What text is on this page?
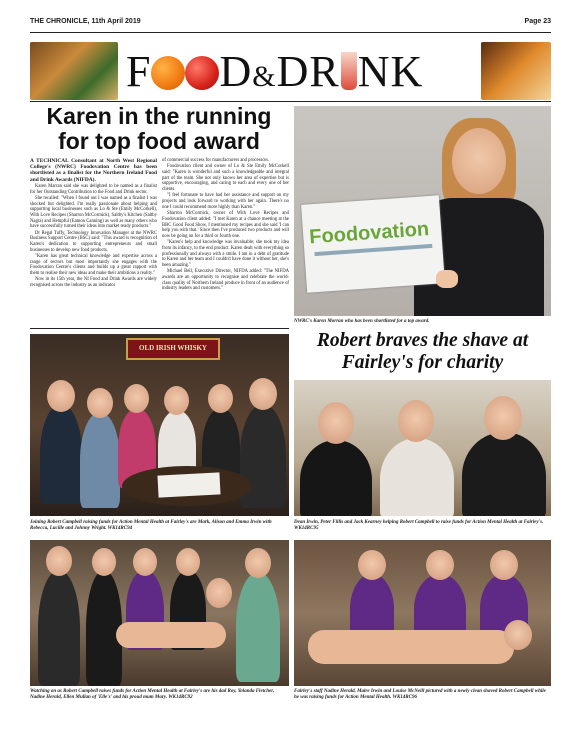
THE CHRONICLE, 11th April 2019	Page 23
F D&DR NK
Karen in the running for top food award
A TECHNICAL Consultant at North West Regional College's (NWRC) Foodovation Centre has been shortlisted as a finalist for the Northern Ireland Food and Drink Awards (NIFDA).

Karen Marran said she was delighted to be named as a finalist for her Outstanding Contribution to the Food and Drink sector.

She recalled: "When I found out I was named as a finalist I was shocked but delighted. I'm really passionate about helping and supporting local businesses such as Lo & Ste (Emily McCorkell), With Love Recipes (Sharron McCormick), Saltby's Kitchen (Saltby Nagra) and Hempful (Eamon Canning) as well as many others who have successfully turned their ideas into market ready products."

Dr Regal Tuffy, Technology Innovation Manager at the NWRC Business Support Centre (BSC) said: "This award is recognition of Karen's dedication to supporting entrepreneurs and small businesses to develop new food products.

"Karen has great technical knowledge and expertise across a range of sectors but most importantly she engages with the Foodovation Centre's clients and builds up a great rapport with them to realise their new ideas and make their ambitions a reality."

Now in its 15th year, the NI Food and Drink Awards are widely recognised across the industry as an indicator

of commercial success for manufacturers and processors.

Foodovation client and owner of Lo & Ste Emily McCorkell said: "Karen is wonderful and such a knowledgeable and integral part of the team. She not only knows her area of expertise but is supportive, encouraging, and caring to each and every one of her clients.

"I feel fortunate to have had her assistance and support on my projects and look forward to working with her again. There's no one I could recommend more highly than Karen."

Sharron McCormick, owner of With Love Recipes and Foodovation client added: "I met Karen at a chance meeting at the BBC Good Food Show, I mentioned my recipes and she said 'I can help you with that.' Since then I've produced two products and will now be going on for a third or fourth one.

"Karen's help and knowledge was invaluable; she took my idea from its infancy, to the end product. Karen dealt with everything so professionally and always with a smile. I am in a debt of gratitude to Karen and her team and I couldn't have done it without her, she's been amazing."

Michael Bell, Executive Director, NIFDA added: "The NIFDA awards are an opportunity to recognise and celebrate the world-class quality of Northern Ireland produce in front of an audience of industry leaders and customers."

Foodovation
NWRC's Karen Morran who has been shortlisted for a top award.
OLD IRISH WHISKY
Joining Robert Campbell raising funds for Action Mental Health at Fairley's are Mark, Alison and Emma Irwin with Rebecca, Lucille and Johnny Wright. WK14RC94
Robert braves the shave at Fairley's for charity
Dean Irwin, Peter Fillis and Jack Kearney helping Robert Campbell to raise funds for Action Mental Health at Fairley's. WK14RC95
Watching on as Robert Campbell raises funds for Action Mental Health at Fairley's are his dad Roy, Yolanda Fletcher, Nadine Herald, Ellen Mullan of 'Elle's' and his proud mum Mary. WK14RC92
Fairley's staff Nadine Herald, Maire Irwin and Louise McNeill pictured with a newly clean shaved Robert Campbell while he was raising funds for Action Mental Health. WK14RC96
